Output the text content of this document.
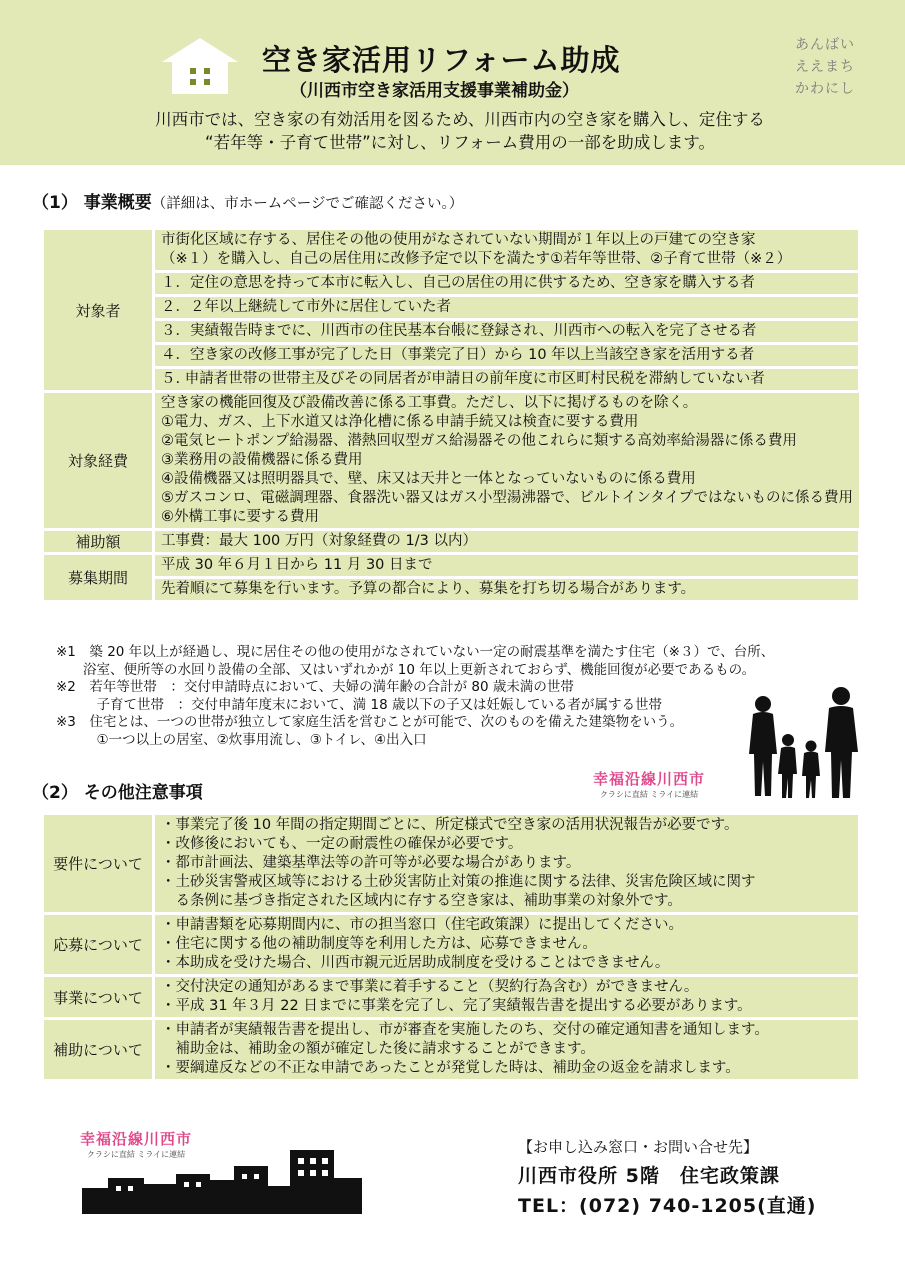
空き家活用リフォーム助成
（川西市空き家活用支援事業補助金）
あんばい
ええまち
かわにし
川西市では、空き家の有効活用を図るため、川西市内の空き家を購入し、定住する
“若年等・子育て世帯”に対し、リフォーム費用の一部を助成します。
（1） 事業概要（詳細は、市ホームページでご確認ください。）
対象者
市街化区域に存する、居住その他の使用がなされていない期間が１年以上の戸建ての空き家
（※１）を購入し、自己の居住用に改修予定で以下を満たす①若年等世帯、②子育て世帯（※２）
１．定住の意思を持って本市に転入し、自己の居住の用に供するため、空き家を購入する者
２．２年以上継続して市外に居住していた者
３．実績報告時までに、川西市の住民基本台帳に登録され、川西市への転入を完了させる者
４．空き家の改修工事が完了した日（事業完了日）から 10 年以上当該空き家を活用する者
５. 申請者世帯の世帯主及びその同居者が申請日の前年度に市区町村民税を滞納していない者
対象経費
空き家の機能回復及び設備改善に係る工事費。ただし、以下に掲げるものを除く。
①電力、ガス、上下水道又は浄化槽に係る申請手続又は検査に要する費用
②電気ヒートポンプ給湯器、潜熱回収型ガス給湯器その他これらに類する高効率給湯器に係る費用
③業務用の設備機器に係る費用
④設備機器又は照明器具で、壁、床又は天井と一体となっていないものに係る費用
⑤ガスコンロ、電磁調理器、食器洗い器又はガス小型湯沸器で、ビルトインタイプではないものに係る費用
⑥外構工事に要する費用
補助額	工事費：最大 100 万円（対象経費の 1/3 以内）
募集期間
平成 30 年６月１日から 11 月 30 日まで
先着順にて募集を行います。予算の都合により、募集を打ち切る場合があります。
※1　築 20 年以上が経過し、現に居住その他の使用がなされていない一定の耐震基準を満たす住宅（※３）で、台所、
　　浴室、便所等の水回り設備の全部、又はいずれかが 10 年以上更新されておらず、機能回復が必要であるもの。
※2　若年等世帯　：交付申請時点において、夫婦の満年齢の合計が 80 歳未満の世帯
　　　子育て世帯　：交付申請年度末において、満 18 歳以下の子又は妊娠している者が属する世帯
※3　住宅とは、一つの世帯が独立して家庭生活を営むことが可能で、次のものを備えた建築物をいう。
　　　①一つ以上の居室、②炊事用流し、③トイレ、④出入口
幸福沿線川西市
クラシに直結 ミライに連結
（2） その他注意事項
要件について
・事業完了後 10 年間の指定期間ごとに、所定様式で空き家の活用状況報告が必要です。
・改修後においても、一定の耐震性の確保が必要です。
・都市計画法、建築基準法等の許可等が必要な場合があります。
・土砂災害警戒区域等における土砂災害防止対策の推進に関する法律、災害危険区域に関す
　る条例に基づき指定された区域内に存する空き家は、補助事業の対象外です。
応募について
・申請書類を応募期間内に、市の担当窓口（住宅政策課）に提出してください。
・住宅に関する他の補助制度等を利用した方は、応募できません。
・本助成を受けた場合、川西市親元近居助成制度を受けることはできません。
事業について
・交付決定の通知があるまで事業に着手すること（契約行為含む）ができません。
・平成 31 年３月 22 日までに事業を完了し、完了実績報告書を提出する必要があります。
補助について
・申請者が実績報告書を提出し、市が審査を実施したのち、交付の確定通知書を通知します。
　補助金は、補助金の額が確定した後に請求することができます。
・要綱違反などの不正な申請であったことが発覚した時は、補助金の返金を請求します。
幸福沿線川西市
クラシに直結 ミライに連結	【お申し込み窓口・お問い合せ先】
川西市役所 5階　住宅政策課
TEL：(072) 740-1205(直通)
